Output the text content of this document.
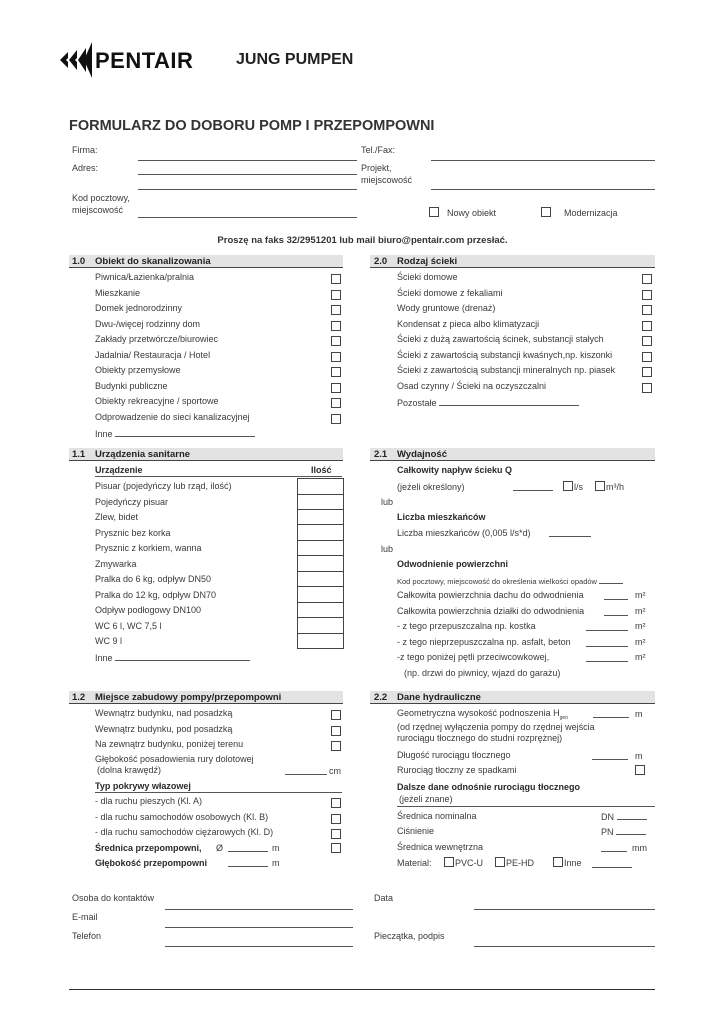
PENTAIR	JUNG PUMPEN
FORMULARZ DO DOBORU POMP I PRZEPOMPOWNI
Firma:
Adres:
Kod pocztowy,
miejscowość
Tel./Fax:
Projekt,
miejscowość
Nowy obiekt	Modernizacja
Proszę na faks 32/2951201 lub mail biuro@pentair.com przesłać.
1.0 Obiekt do skanalizowania
Inne
2.0 Rodzaj ścieki
Pozostałe
1.1 Urządzenia sanitarne
Urządzenie	Ilość
Inne
2.1 Wydajność
Całkowity napływ ścieku Q
(jeżeli określony)	l/s	m³/h
lub
Liczba mieszkańców
Liczba mieszkańców (0,005 l/s*d)
lub
Odwodnienie powierzchni
Kod pocztowy, miejscowość do określenia wielkości opadów
(np. drzwi do piwnicy, wjazd do garażu)
1.2 Miejsce zabudowy pompy/przepompowni
Głębokość posadowienia rury dolotowej
(dolna krawędź)	cm
Typ pokrywy włazowej
Średnica przepompowni, Ø	m
Głębokość przepompowni	m
2.2 Dane hydrauliczne
Geometryczna wysokość podnoszenia $H_{geo}$	m
(od rzędnej wyłączenia pompy do rzędnej wejścia
rurociągu tłocznego do studni rozprężnej)
Długość rurociągu tłocznego	m
Rurociąg tłoczny ze spadkami
Dalsze dane odnośnie rurociągu tłocznego
(jeżeli znane)
Średnica nominalna	DN
Ciśnienie	PN
Średnica wewnętrzna	mm
Material:	PVC-U	PE-HD	Inne
Osoba do kontaktów
E-mail
Telefon
Data
Pieczątka, podpis
Piwnica/Łazienka/pralnia
Mieszkanie
Domek jednorodzinny
Dwu-/więcej rodzinny dom
Zakłady przetwórcze/biurowiec
Jadalnia/ Restauracja / Hotel
Obiekty przemysłowe
Budynki publiczne
Obiekty rekreacyjne / sportowe
Odprowadzenie do sieci kanalizacyjnej
Ścieki domowe
Ścieki domowe z fekaliami
Wody gruntowe (drenaż)
Kondensat z pieca albo klimatyzacji
Ścieki z dużą zawartością ścinek, substancji stałych
Ścieki z zawartością substancji kwaśnych,np. kiszonki
Ścieki z zawartością substancji mineralnych np. piasek
Osad czynny / Ścieki na oczyszczalni
Pisuar (pojedyńczy lub rząd, ilość)
Pojedyńczy pisuar
Zlew, bidet
Prysznic bez korka
Prysznic z korkiem, wanna
Zmywarka
Pralka do 6 kg, odpływ DN50
Pralka do 12 kg, odpływ DN70
Odpływ podłogowy DN100
WC 6 l, WC 7,5 l
WC 9 l
Całkowita powierzchnia dachu do odwodnienia	m²
Całkowita powierzchnia działki do odwodnienia	m²
- z tego przepuszczalna np. kostka	m²
- z tego nieprzepuszczalna np. asfalt, beton	m²
-z tego poniżej pętli przeciwcowkowej,	m²
Wewnątrz budynku, nad posadzką
Wewnątrz budynku, pod posadzką
Na zewnątrz budynku, poniżej terenu
- dla ruchu pieszych (Kl. A)
- dla ruchu samochodów osobowych (Kl. B)
- dla ruchu samochodów ciężarowych (Kl. D)
